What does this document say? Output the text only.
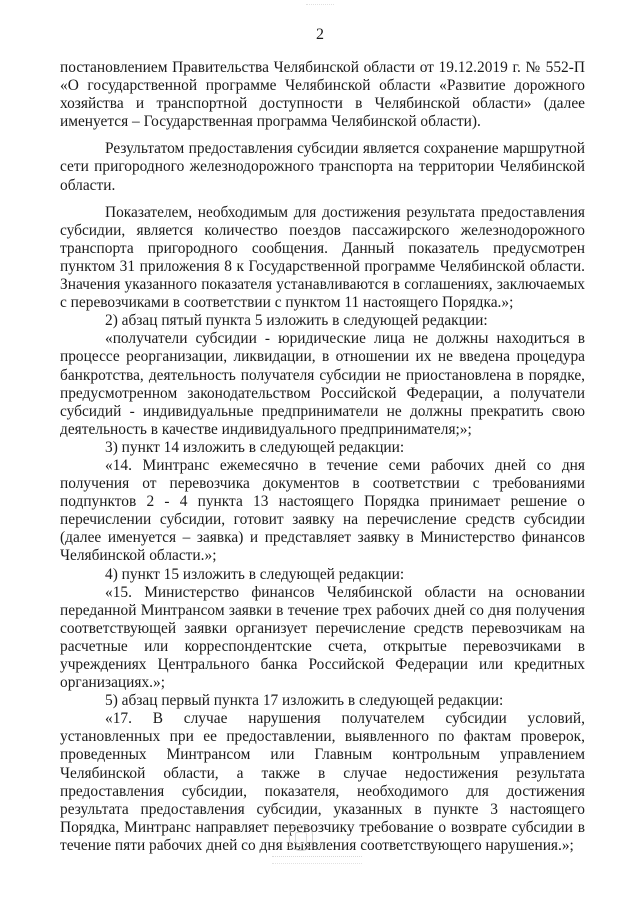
2

постановлением Правительства Челябинской области от 19.12.2019 г. № 552-П «О государственной программе Челябинской области «Развитие дорожного хозяйства и транспортной доступности в Челябинской области» (далее именуется – Государственная программа Челябинской области).

Результатом предоставления субсидии является сохранение маршрутной сети пригородного железнодорожного транспорта на территории Челябинской области.

Показателем, необходимым для достижения результата предоставления субсидии, является количество поездов пассажирского железнодорожного транспорта пригородного сообщения. Данный показатель предусмотрен пунктом 31 приложения 8 к Государственной программе Челябинской области. Значения указанного показателя устанавливаются в соглашениях, заключаемых с перевозчиками в соответствии с пунктом 11 настоящего Порядка.»;

2) абзац пятый пункта 5 изложить в следующей редакции:

«получатели субсидии - юридические лица не должны находиться в процессе реорганизации, ликвидации, в отношении их не введена процедура банкротства, деятельность получателя субсидии не приостановлена в порядке, предусмотренном законодательством Российской Федерации, а получатели субсидий - индивидуальные предприниматели не должны прекратить свою деятельность в качестве индивидуального предпринимателя;»;

3) пункт 14 изложить в следующей редакции:

«14. Минтранс ежемесячно в течение семи рабочих дней со дня получения от перевозчика документов в соответствии с требованиями подпунктов 2 - 4 пункта 13 настоящего Порядка принимает решение о перечислении субсидии, готовит заявку на перечисление средств субсидии (далее именуется – заявка) и представляет заявку в Министерство финансов Челябинской области.»;

4) пункт 15 изложить в следующей редакции:

«15. Министерство финансов Челябинской области на основании переданной Минтрансом заявки в течение трех рабочих дней со дня получения соответствующей заявки организует перечисление средств перевозчикам на расчетные или корреспондентские счета, открытые перевозчиками в учреждениях Центрального банка Российской Федерации или кредитных организациях.»;

5) абзац первый пункта 17 изложить в следующей редакции:

«17. В случае нарушения получателем субсидии условий, установленных при ее предоставлении, выявленного по фактам проверок, проведенных Минтрансом или Главным контрольным управлением Челябинской области, а также в случае недостижения результата предоставления субсидии, показателя, необходимого для достижения результата предоставления субсидии, указанных в пункте 3 настоящего Порядка, Минтранс направляет перевозчику требование о возврате субсидии в течение пяти рабочих дней со дня выявления соответствующего нарушения.»;
